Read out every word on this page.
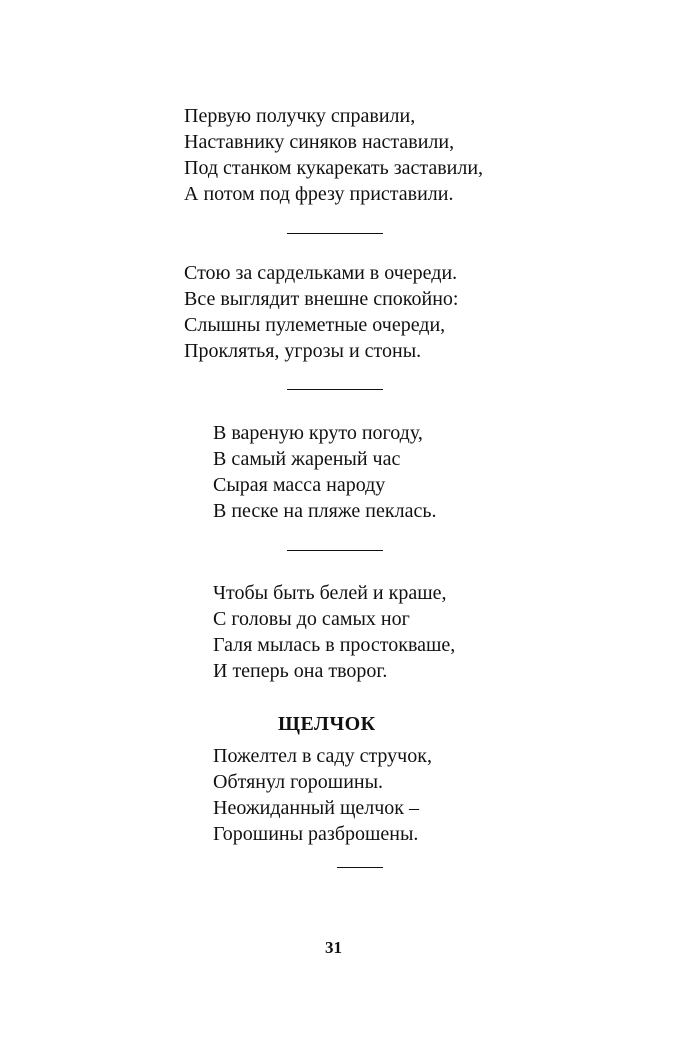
Первую получку справили,
Наставнику синяков наставили,
Под станком кукарекать заставили,
А потом под фрезу приставили.
Стою за сардельками в очереди.
Все выглядит внешне спокойно:
Слышны пулеметные очереди,
Проклятья, угрозы и стоны.
В вареную круто погоду,
В самый жареный час
Сырая масса народу
В песке на пляже пеклась.
Чтобы быть белей и краше,
С головы до самых ног
Галя мылась в простокваше,
И теперь она творог.
ЩЕЛЧОК
Пожелтел в саду стручок,
Обтянул горошины.
Неожиданный щелчок –
Горошины разброшены.
31
